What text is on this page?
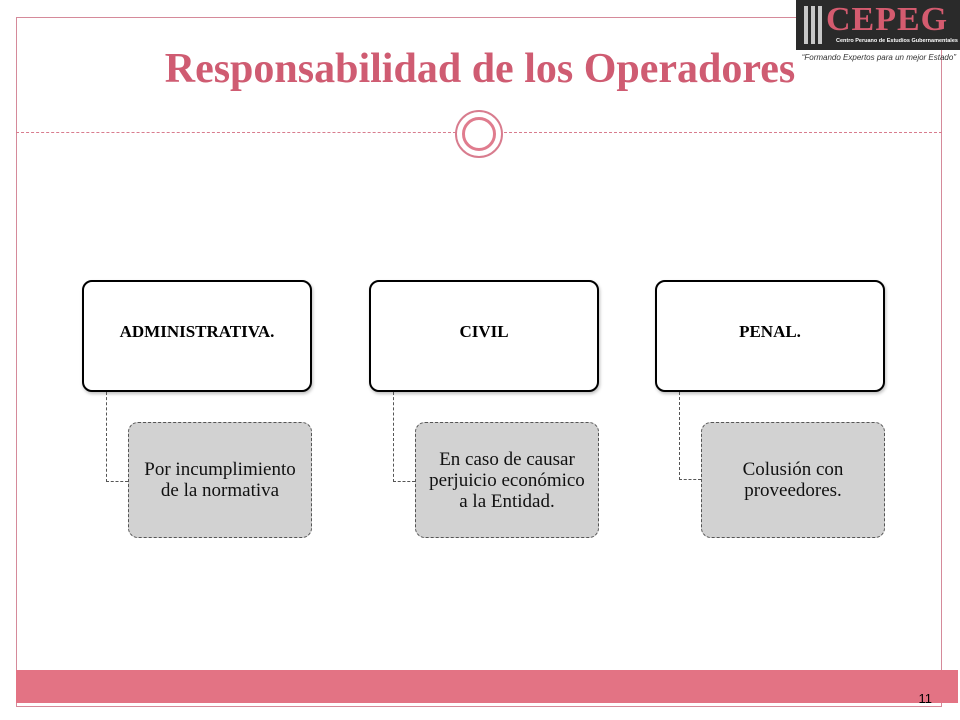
CEPEG
Centro Peruano de Estudios Gubernamentales
“Formando Expertos para un mejor Estado”
Responsabilidad de los Operadores
ADMINISTRATIVA.
Por incumplimiento de la normativa
CIVIL
En caso de causar perjuicio económico a la Entidad.
PENAL.
Colusión con proveedores.
11
